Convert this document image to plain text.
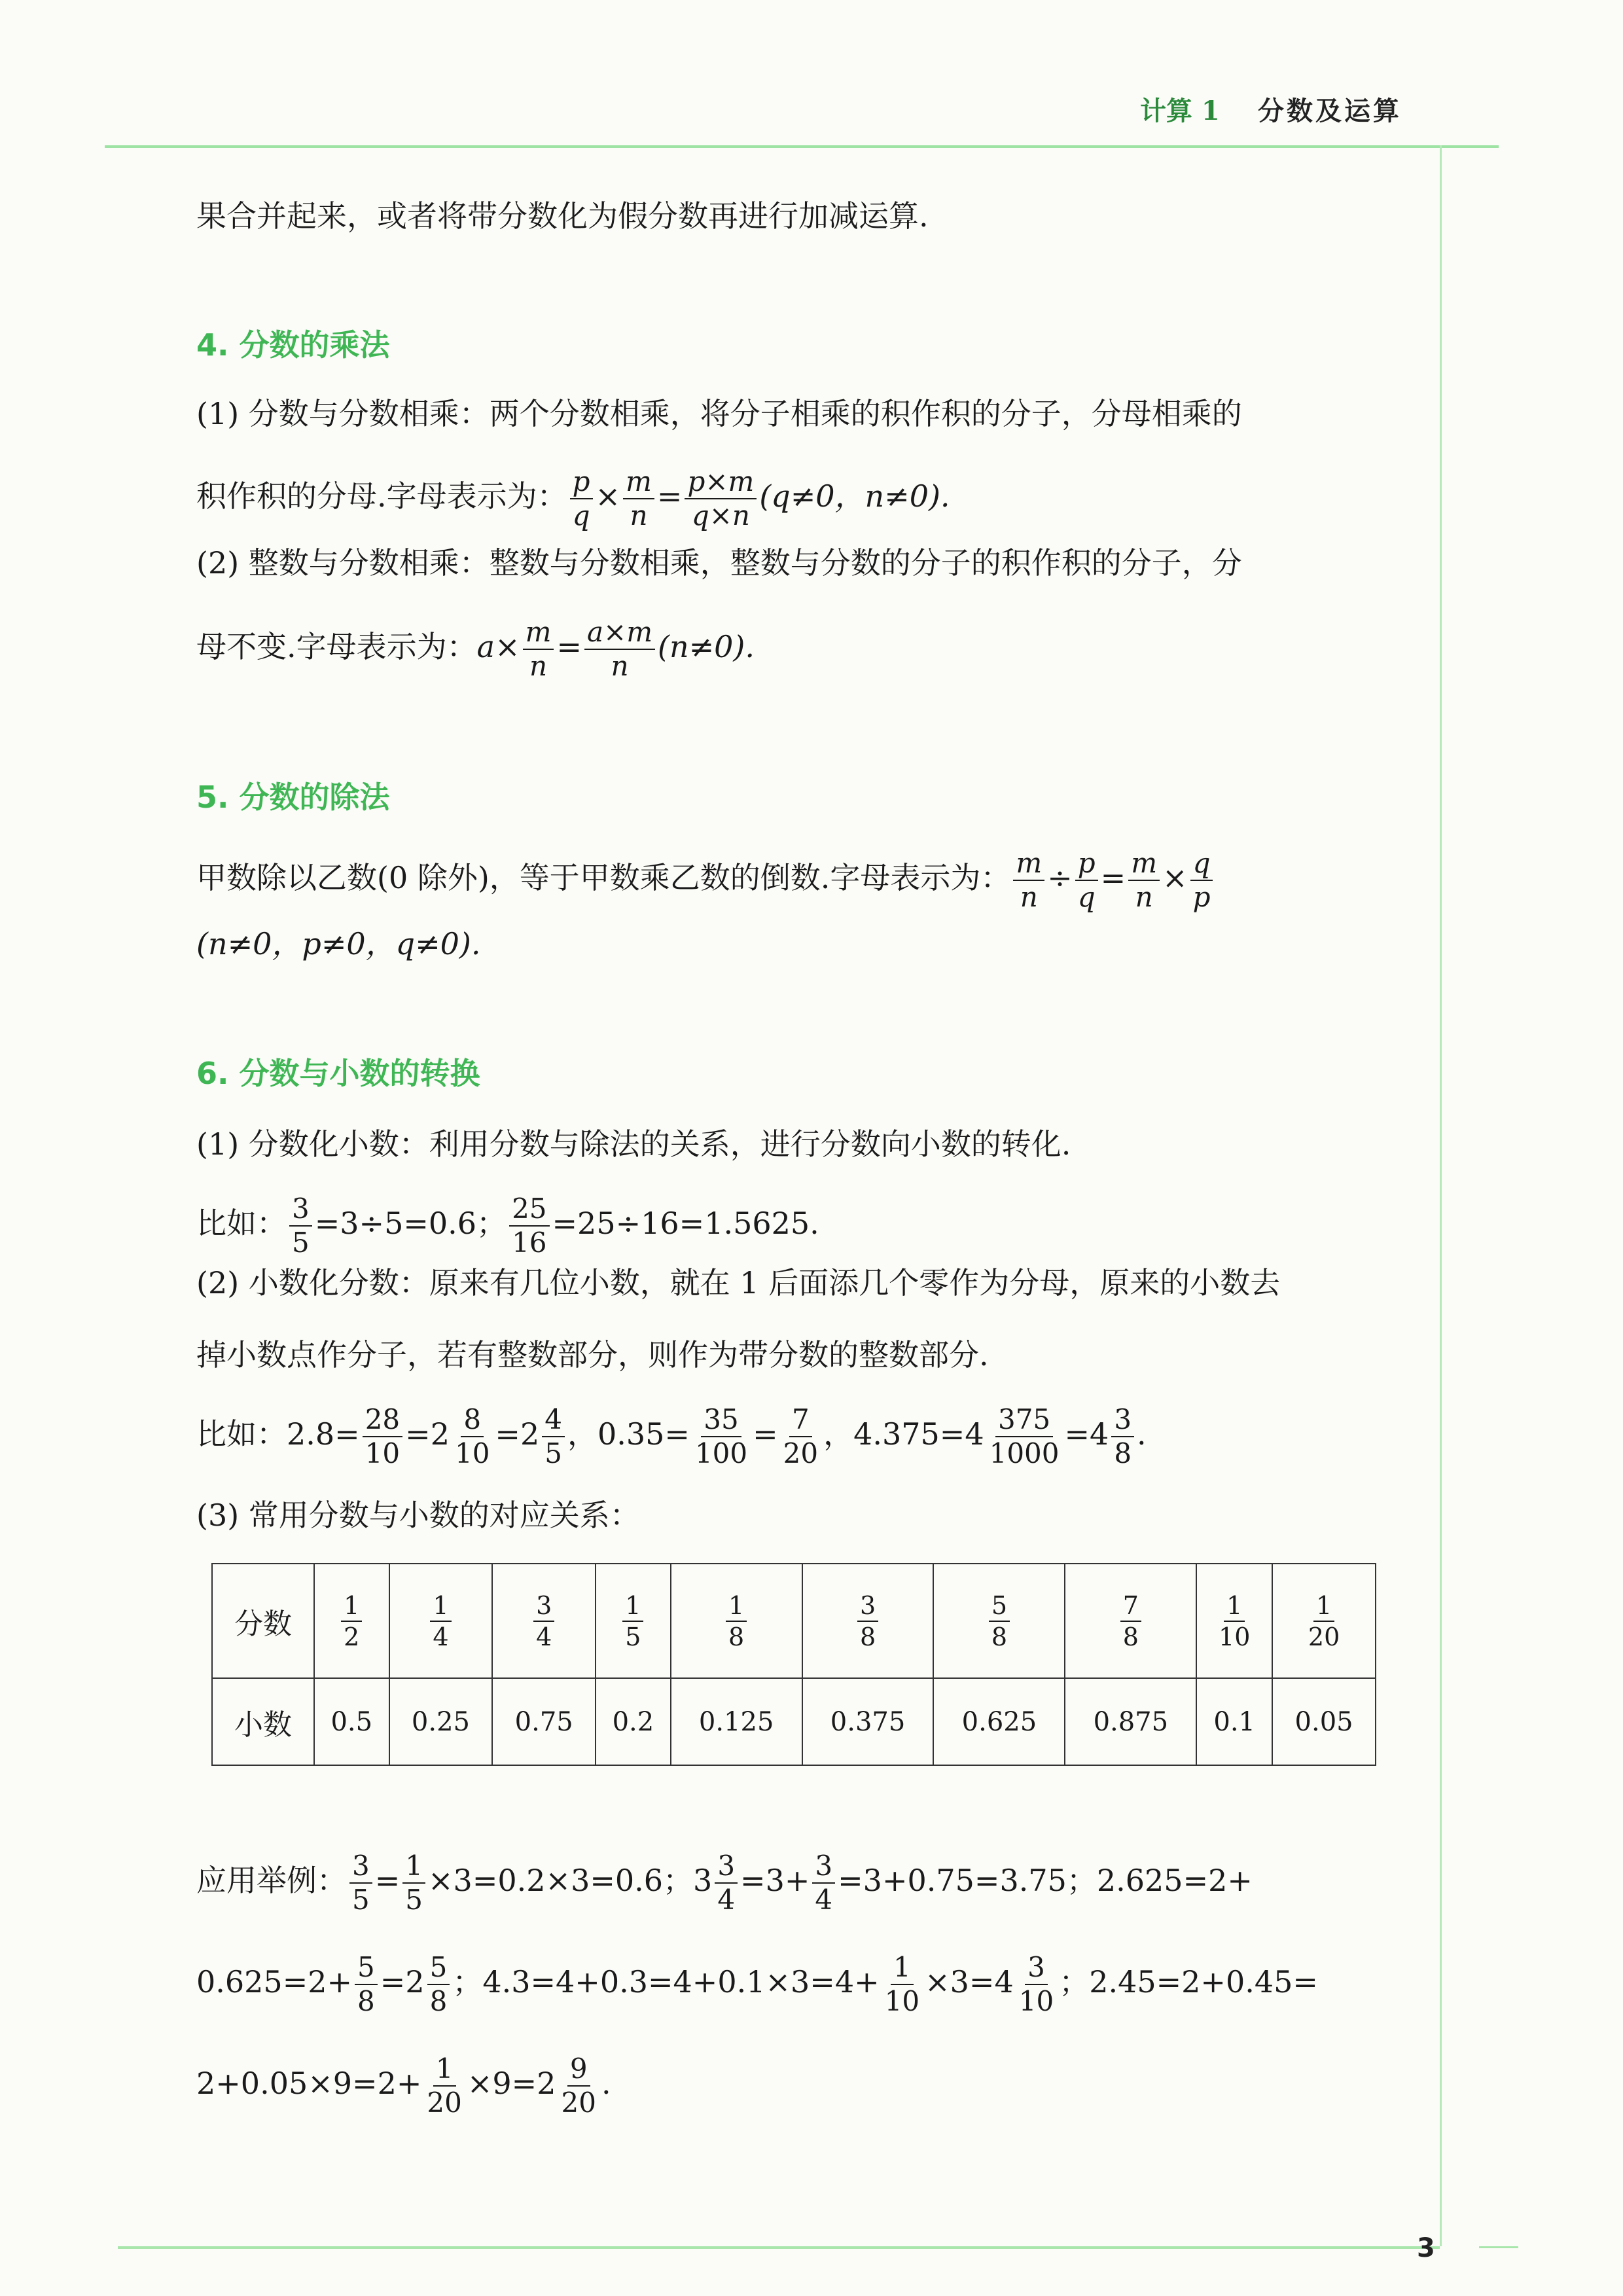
计算 1 分数及运算
果合并起来，或者将带分数化为假分数再进行加减运算.
4. 分数的乘法
(1) 分数与分数相乘：两个分数相乘，将分子相乘的积作积的分子，分母相乘的
积作积的分母.字母表示为： $\frac{p}{q} \times \frac{m}{n} = \frac{p\times m}{q\times n} (q\ne 0$，n≠0).
(2) 整数与分数相乘：整数与分数相乘，整数与分数的分子的积作积的分子，分
母不变.字母表示为：$a\times \frac{m}{n} = \frac{a\times m}{n} (n\ne 0)$.
5. 分数的除法
甲数除以乙数(0 除外)，等于甲数乘乙数的倒数.字母表示为： $\frac{m}{n} \div \frac{p}{q} = \frac{m}{n} \times \frac{q}{p}$
(n≠0，p≠0，q≠0).
6. 分数与小数的转换
(1) 分数化小数：利用分数与除法的关系，进行分数向小数的转化.
比如： $\frac{3}{5} =3\div 5=0.6$； $\frac{25}{16} =25\div 16=1.5625$.
(2) 小数化分数：原来有几位小数，就在 1 后面添几个零作为分母，原来的小数去
掉小数点作分子，若有整数部分，则作为带分数的整数部分.
比如：$2.8= \frac{28}{10} =2 \frac{8}{10} =2 \frac{4}{5}$ ，$0.35= \frac{35}{100} = \frac{7}{20}$ ，$4.375=4 \frac{375}{1000} =4 \frac{3}{8}$ .
(3) 常用分数与小数的对应关系：
分数	$\frac{1}{2}$	$\frac{1}{4}$	$\frac{3}{4}$	$\frac{1}{5}$	$\frac{1}{8}$	$\frac{3}{8}$	$\frac{5}{8}$	$\frac{7}{8}$	$\frac{1}{10}$	$\frac{1}{20}$

小数	0.5	0.25	0.75	0.2	0.125	0.375	0.625	0.875	0.1	0.05
应用举例： $\frac{3}{5} = \frac{1}{5} \times 3=0.2\times 3=0.6$；$3 \frac{3}{4} =3+ \frac{3}{4} =3+0.75=3.75$；2.625=2+
$0.625=2+ \frac{5}{8} =2 \frac{5}{8}$ ；$4.3=4+0.3=4+0.1\times 3=4+ \frac{1}{10} \times 3=4 \frac{3}{10}$ ；2.45=2+0.45=
$2+0.05\times 9=2+ \frac{1}{20} \times 9=2 \frac{9}{20}$ .
3
